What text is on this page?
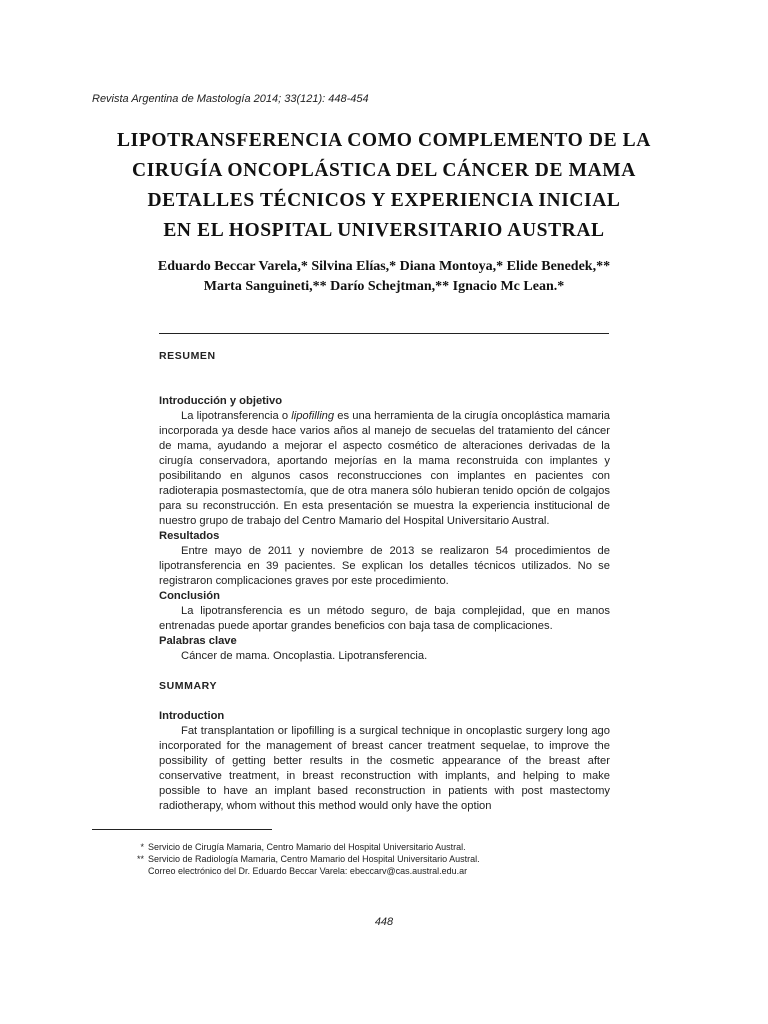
Revista Argentina de Mastología 2014; 33(121): 448-454
LIPOTRANSFERENCIA COMO COMPLEMENTO DE LA
CIRUGÍA ONCOPLÁSTICA DEL CÁNCER DE MAMA
DETALLES TÉCNICOS Y EXPERIENCIA INICIAL
EN EL HOSPITAL UNIVERSITARIO AUSTRAL
Eduardo Beccar Varela,* Silvina Elías,* Diana Montoya,* Elide Benedek,**
Marta Sanguineti,** Darío Schejtman,** Ignacio Mc Lean.*

RESUMEN

Introducción y objetivo

La lipotransferencia o lipofilling es una herramienta de la cirugía oncoplástica mamaria incorporada ya desde hace varios años al manejo de secuelas del tratamiento del cáncer de mama, ayudando a mejorar el aspecto cosmético de alteraciones derivadas de la cirugía conservadora, aportando mejorías en la mama reconstruida con implantes y posibilitando en algunos casos reconstrucciones con implantes en pacientes con radioterapia posmastectomía, que de otra manera sólo hubieran tenido opción de colgajos para su reconstrucción. En esta presentación se muestra la experiencia institucional de nuestro grupo de trabajo del Centro Mamario del Hospital Universitario Austral.

Resultados

Entre mayo de 2011 y noviembre de 2013 se realizaron 54 procedimientos de lipotransferencia en 39 pacientes. Se explican los detalles técnicos utilizados. No se registraron complicaciones graves por este procedimiento.

Conclusión

La lipotransferencia es un método seguro, de baja complejidad, que en manos entrenadas puede aportar grandes beneficios con baja tasa de complicaciones.

Palabras clave

Cáncer de mama. Oncoplastia. Lipotransferencia.

SUMMARY

Introduction

Fat transplantation or lipofilling is a surgical technique in oncoplastic surgery long ago incorporated for the management of breast cancer treatment sequelae, to improve the possibility of getting better results in the cosmetic appearance of the breast after conservative treatment, in breast reconstruction with implants, and helping to make possible to have an implant based reconstruction in patients with post mastectomy radiotherapy, whom without this method would only have the option

* Servicio de Cirugía Mamaria, Centro Mamario del Hospital Universitario Austral.
** Servicio de Radiología Mamaria, Centro Mamario del Hospital Universitario Austral.
Correo electrónico del Dr. Eduardo Beccar Varela: ebeccarv@cas.austral.edu.ar
448
